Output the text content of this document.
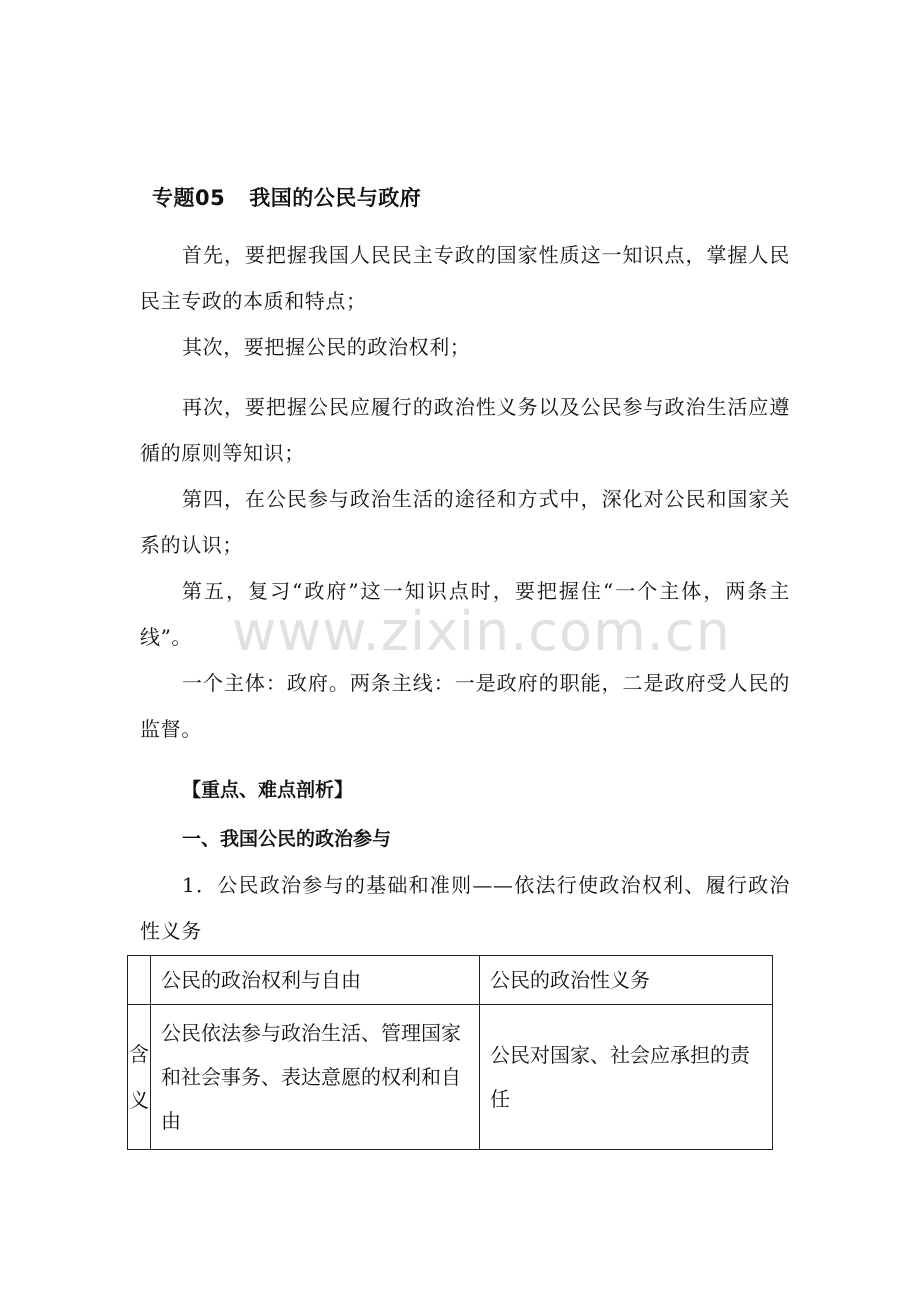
专题05 我国的公民与政府
首先，要把握我国人民民主专政的国家性质这一知识点，掌握人民民主专政的本质和特点；
其次，要把握公民的政治权利；
再次，要把握公民应履行的政治性义务以及公民参与政治生活应遵循的原则等知识；
第四，在公民参与政治生活的途径和方式中，深化对公民和国家关系的认识；
第五，复习“政府”这一知识点时，要把握住“一个主体，两条主线”。
一个主体：政府。两条主线：一是政府的职能，二是政府受人民的监督。
www.zixin.com.cn
【重点、难点剖析】
一、我国公民的政治参与
1．公民政治参与的基础和准则——依法行使政治权利、履行政治性义务
	公民的政治权利与自由	公民的政治性义务

含
义	公民依法参与政治生活、管理国家和社会事务、表达意愿的权利和自由	公民对国家、社会应承担的责任
